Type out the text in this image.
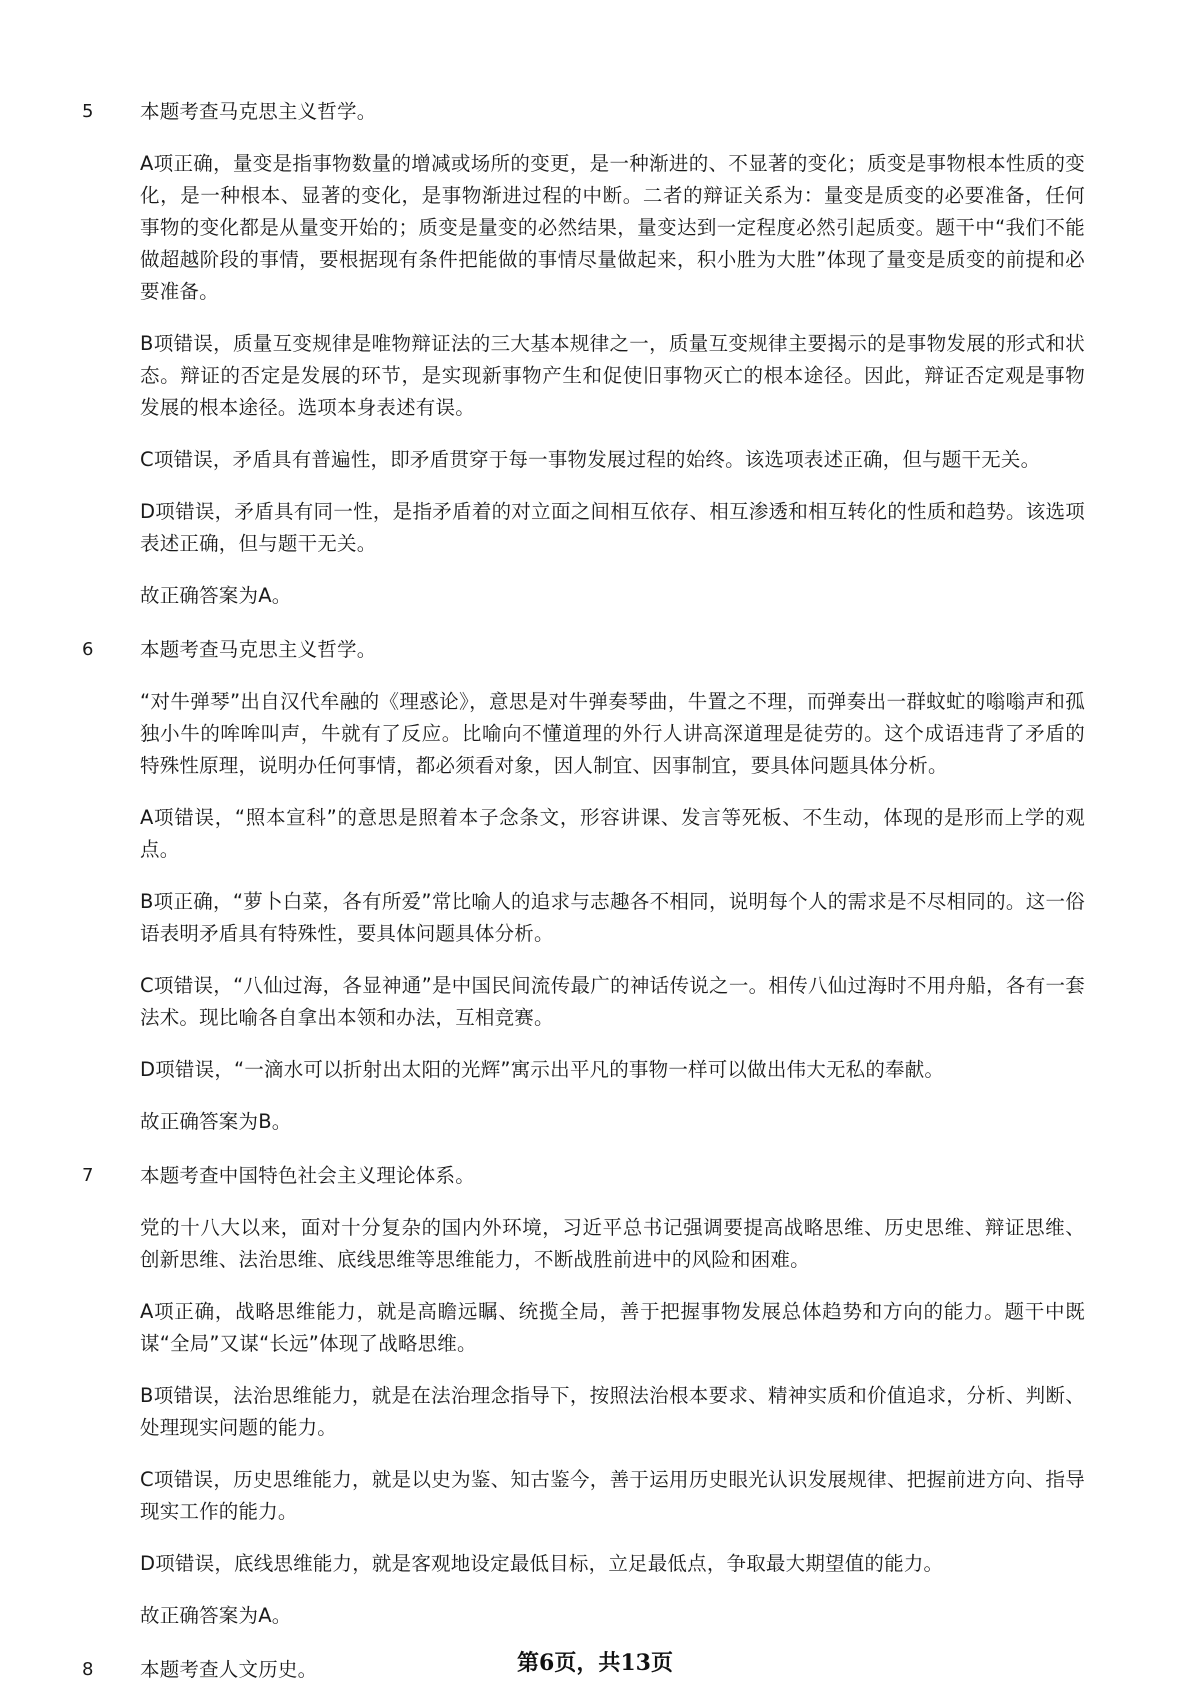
5 本题考查马克思主义哲学。

A项正确，量变是指事物数量的增减或场所的变更，是一种渐进的、不显著的变化；质变是事物根本性质的变化，是一种根本、显著的变化，是事物渐进过程的中断。二者的辩证关系为：量变是质变的必要准备，任何事物的变化都是从量变开始的；质变是量变的必然结果，量变达到一定程度必然引起质变。题干中“我们不能做超越阶段的事情，要根据现有条件把能做的事情尽量做起来，积小胜为大胜”体现了量变是质变的前提和必要准备。

B项错误，质量互变规律是唯物辩证法的三大基本规律之一，质量互变规律主要揭示的是事物发展的形式和状态。辩证的否定是发展的环节，是实现新事物产生和促使旧事物灭亡的根本途径。因此，辩证否定观是事物发展的根本途径。选项本身表述有误。

C项错误，矛盾具有普遍性，即矛盾贯穿于每一事物发展过程的始终。该选项表述正确，但与题干无关。

D项错误，矛盾具有同一性，是指矛盾着的对立面之间相互依存、相互渗透和相互转化的性质和趋势。该选项表述正确，但与题干无关。

故正确答案为A。

6 本题考查马克思主义哲学。

“对牛弹琴”出自汉代牟融的《理惑论》，意思是对牛弹奏琴曲，牛置之不理，而弹奏出一群蚊虻的嗡嗡声和孤独小牛的哞哞叫声，牛就有了反应。比喻向不懂道理的外行人讲高深道理是徒劳的。这个成语违背了矛盾的特殊性原理，说明办任何事情，都必须看对象，因人制宜、因事制宜，要具体问题具体分析。

A项错误，“照本宣科”的意思是照着本子念条文，形容讲课、发言等死板、不生动，体现的是形而上学的观点。

B项正确，“萝卜白菜，各有所爱”常比喻人的追求与志趣各不相同，说明每个人的需求是不尽相同的。这一俗语表明矛盾具有特殊性，要具体问题具体分析。

C项错误，“八仙过海，各显神通”是中国民间流传最广的神话传说之一。相传八仙过海时不用舟船，各有一套法术。现比喻各自拿出本领和办法，互相竞赛。

D项错误，“一滴水可以折射出太阳的光辉”寓示出平凡的事物一样可以做出伟大无私的奉献。

故正确答案为B。

7 本题考查中国特色社会主义理论体系。

党的十八大以来，面对十分复杂的国内外环境，习近平总书记强调要提高战略思维、历史思维、辩证思维、创新思维、法治思维、底线思维等思维能力，不断战胜前进中的风险和困难。

A项正确，战略思维能力，就是高瞻远瞩、统揽全局，善于把握事物发展总体趋势和方向的能力。题干中既谋“全局”又谋“长远”体现了战略思维。

B项错误，法治思维能力，就是在法治理念指导下，按照法治根本要求、精神实质和价值追求，分析、判断、处理现实问题的能力。

C项错误，历史思维能力，就是以史为鉴、知古鉴今，善于运用历史眼光认识发展规律、把握前进方向、指导现实工作的能力。

D项错误，底线思维能力，就是客观地设定最低目标，立足最低点，争取最大期望值的能力。

故正确答案为A。

8 本题考查人文历史。	第6页，共13页
